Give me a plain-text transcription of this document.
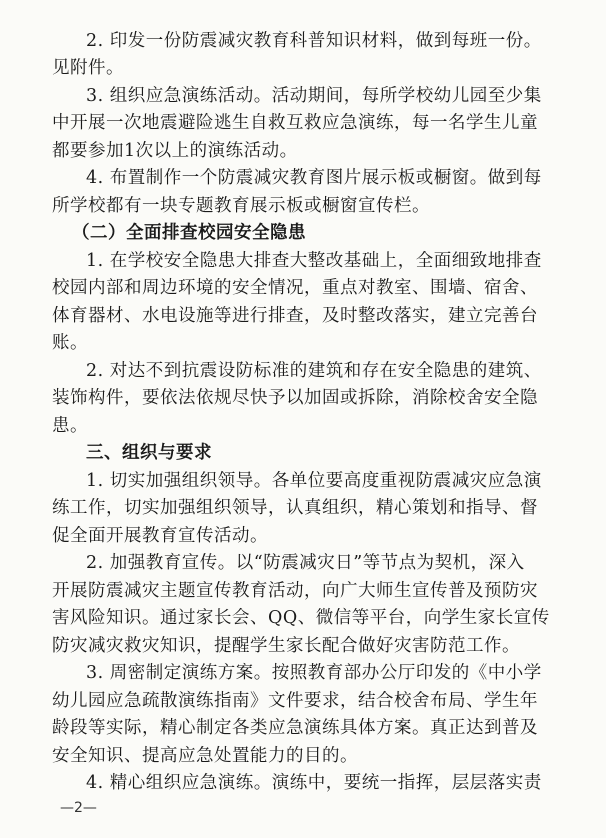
2. 印发一份防震减灾教育科普知识材料，做到每班一份。
见附件。
3. 组织应急演练活动。活动期间，每所学校幼儿园至少集
中开展一次地震避险逃生自救互救应急演练，每一名学生儿童
都要参加1次以上的演练活动。
4. 布置制作一个防震减灾教育图片展示板或橱窗。做到每
所学校都有一块专题教育展示板或橱窗宣传栏。
（二）全面排查校园安全隐患
1. 在学校安全隐患大排查大整改基础上，全面细致地排查
校园内部和周边环境的安全情况，重点对教室、围墙、宿舍、
体育器材、水电设施等进行排查，及时整改落实，建立完善台
账。
2. 对达不到抗震设防标准的建筑和存在安全隐患的建筑、
装饰构件，要依法依规尽快予以加固或拆除，消除校舍安全隐
患。
三、组织与要求
1. 切实加强组织领导。各单位要高度重视防震减灾应急演
练工作，切实加强组织领导，认真组织，精心策划和指导、督
促全面开展教育宣传活动。
2. 加强教育宣传。以“防震减灾日”等节点为契机，深入
开展防震减灾主题宣传教育活动，向广大师生宣传普及预防灾
害风险知识。通过家长会、QQ、微信等平台，向学生家长宣传
防灾减灾救灾知识，提醒学生家长配合做好灾害防范工作。
3. 周密制定演练方案。按照教育部办公厅印发的《中小学
幼儿园应急疏散演练指南》文件要求，结合校舍布局、学生年
龄段等实际，精心制定各类应急演练具体方案。真正达到普及
安全知识、提高应急处置能力的目的。
4. 精心组织应急演练。演练中，要统一指挥，层层落实责
—2—
